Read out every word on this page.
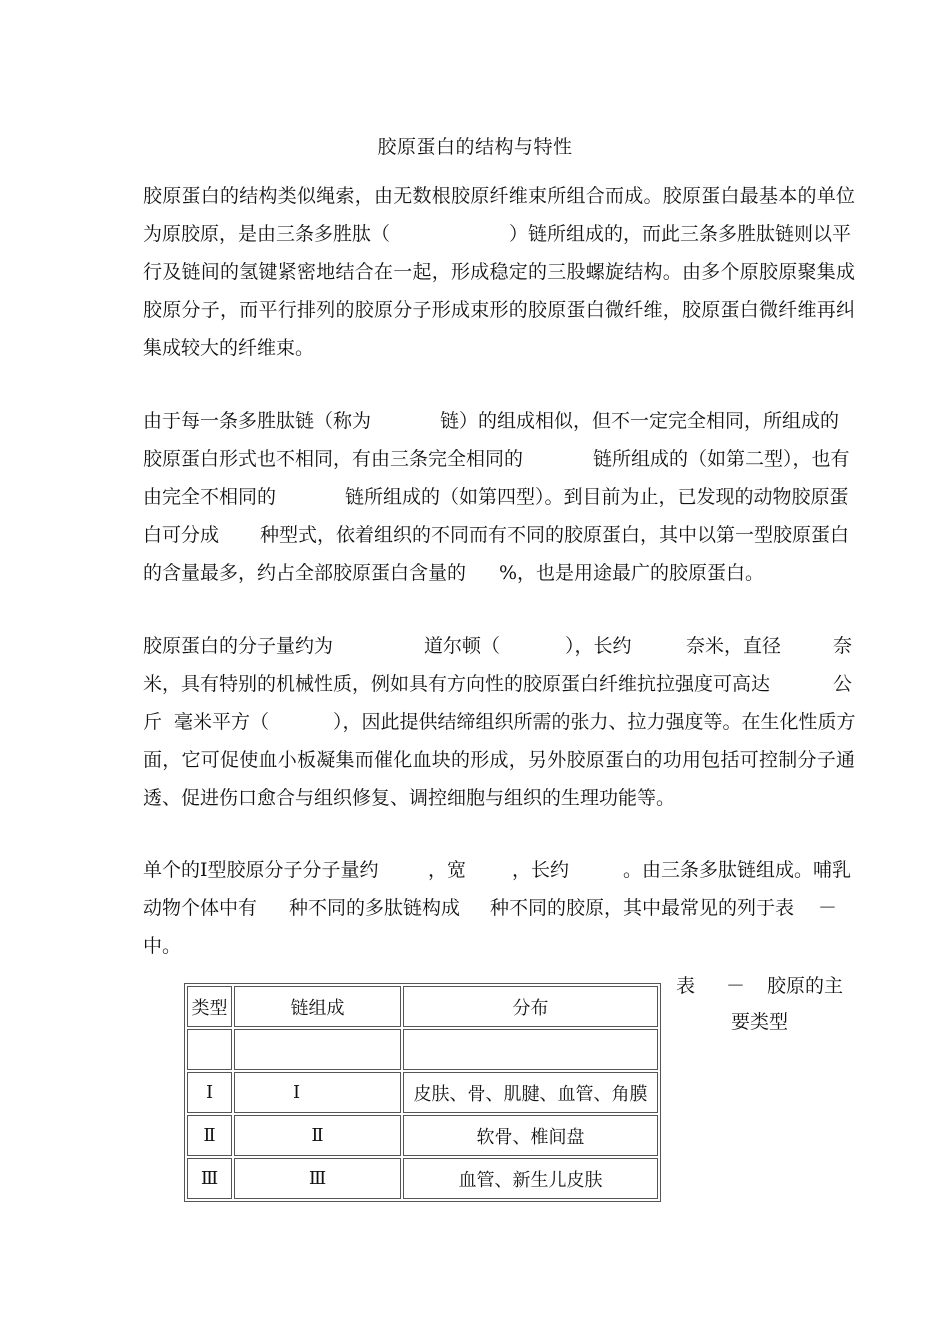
胶原蛋白的结构与特性
胶原蛋白的结构类似绳索，由无数根胶原纤维束所组合而成。胶原蛋白最基本的单位
为原胶原，是由三条多胜肽（	）链所组成的，而此三条多胜肽链则以平
行及链间的氢键紧密地结合在一起，形成稳定的三股螺旋结构。由多个原胶原聚集成
胶原分子，而平行排列的胶原分子形成束形的胶原蛋白微纤维，胶原蛋白微纤维再纠
集成较大的纤维束。
由于每一条多胜肽链（称为	链）的组成相似，但不一定完全相同，所组成的
胶原蛋白形式也不相同，有由三条完全相同的	链所组成的（如第二型），也有
由完全不相同的	链所组成的（如第四型）。到目前为止，已发现的动物胶原蛋
白可分成 种型式，依着组织的不同而有不同的胶原蛋白，其中以第一型胶原蛋白
的含量最多，约占全部胶原蛋白含量的 %，也是用途最广的胶原蛋白。
胶原蛋白的分子量约为	道尔顿（	），长约	奈米，直径	奈
米，具有特别的机械性质，例如具有方向性的胶原蛋白纤维抗拉强度可高达	公
斤 毫米平方（	），因此提供结缔组织所需的张力、拉力强度等。在生化性质方
面，它可促使血小板凝集而催化血块的形成，另外胶原蛋白的功用包括可控制分子通
透、促进伤口愈合与组织修复、调控细胞与组织的生理功能等。
单个的Ⅰ型胶原分子分子量约	，宽 ，长约	。由三条多肽链组成。哺乳
动物个体中有 种不同的多肽链构成 种不同的胶原，其中最常见的列于表 －
中。
表 － 胶原的主
要类型
类型	链组成	分布

Ⅰ	Ⅰ	皮肤、骨、肌腱、血管、角膜
Ⅱ	Ⅱ	软骨、椎间盘
Ⅲ	Ⅲ	血管、新生儿皮肤
